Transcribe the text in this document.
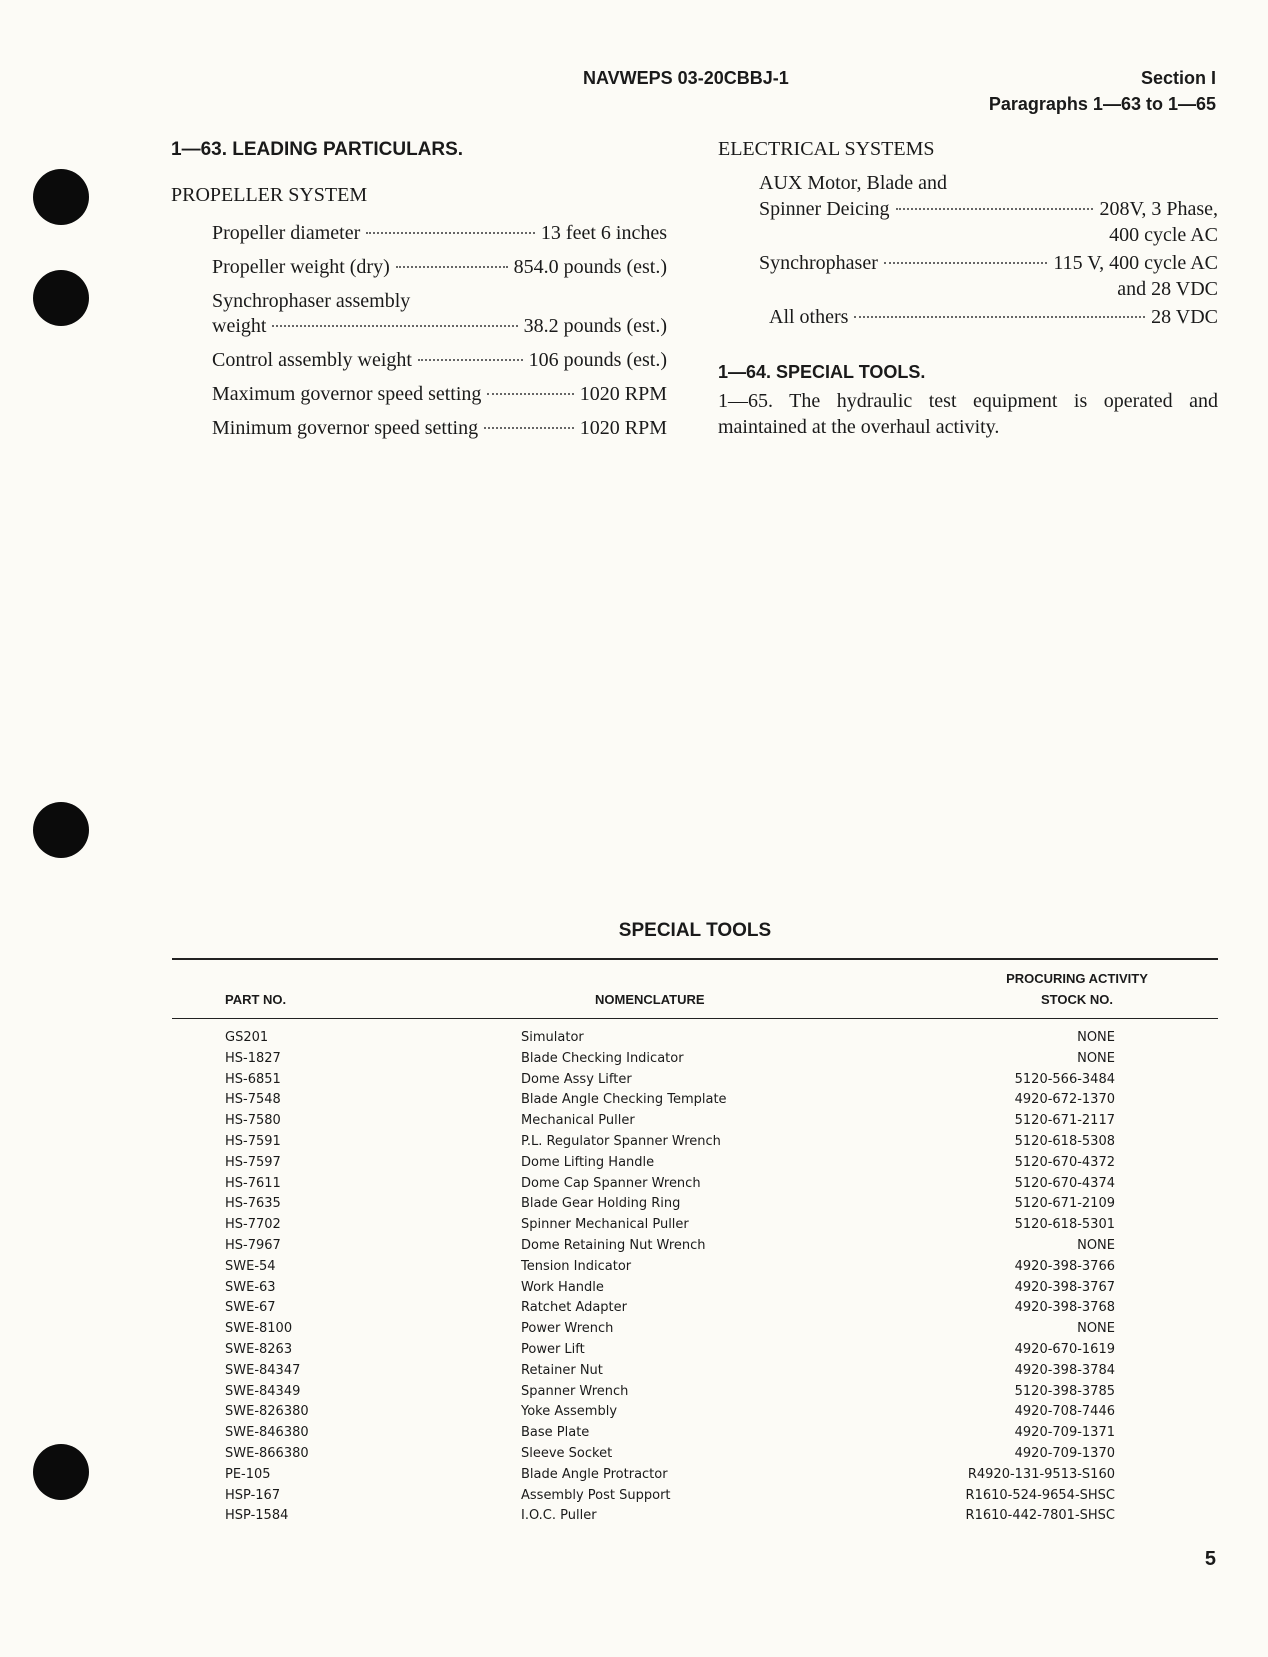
NAVWEPS 03-20CBBJ-1	Section I
Paragraphs 1—63 to 1—65
1—63. LEADING PARTICULARS.
PROPELLER SYSTEM
Propeller diameter	13 feet 6 inches
Propeller weight (dry)	854.0 pounds (est.)
Synchrophaser assembly
weight	38.2 pounds (est.)
Control assembly weight	106 pounds (est.)
Maximum governor speed setting	1020 RPM
Minimum governor speed setting	1020 RPM
ELECTRICAL SYSTEMS
AUX Motor, Blade and
Spinner Deicing	208V, 3 Phase,
400 cycle AC
Synchrophaser	115 V, 400 cycle AC
and 28 VDC
All others	28 VDC
1—64. SPECIAL TOOLS.
1—65. The hydraulic test equipment is operated and
maintained at the overhaul activity.
SPECIAL TOOLS
PART NO.	NOMENCLATURE
PROCURING ACTIVITY
STOCK NO.
GS201	Simulator	NONE
HS-1827	Blade Checking Indicator	NONE
HS-6851	Dome Assy Lifter	5120-566-3484
HS-7548	Blade Angle Checking Template	4920-672-1370
HS-7580	Mechanical Puller	5120-671-2117
HS-7591	P.L. Regulator Spanner Wrench	5120-618-5308
HS-7597	Dome Lifting Handle	5120-670-4372
HS-7611	Dome Cap Spanner Wrench	5120-670-4374
HS-7635	Blade Gear Holding Ring	5120-671-2109
HS-7702	Spinner Mechanical Puller	5120-618-5301
HS-7967	Dome Retaining Nut Wrench	NONE
SWE-54	Tension Indicator	4920-398-3766
SWE-63	Work Handle	4920-398-3767
SWE-67	Ratchet Adapter	4920-398-3768
SWE-8100	Power Wrench	NONE
SWE-8263	Power Lift	4920-670-1619
SWE-84347	Retainer Nut	4920-398-3784
SWE-84349	Spanner Wrench	5120-398-3785
SWE-826380	Yoke Assembly	4920-708-7446
SWE-846380	Base Plate	4920-709-1371
SWE-866380	Sleeve Socket	4920-709-1370
PE-105	Blade Angle Protractor	R4920-131-9513-S160
HSP-167	Assembly Post Support	R1610-524-9654-SHSC
HSP-1584	I.O.C. Puller	R1610-442-7801-SHSC
5
